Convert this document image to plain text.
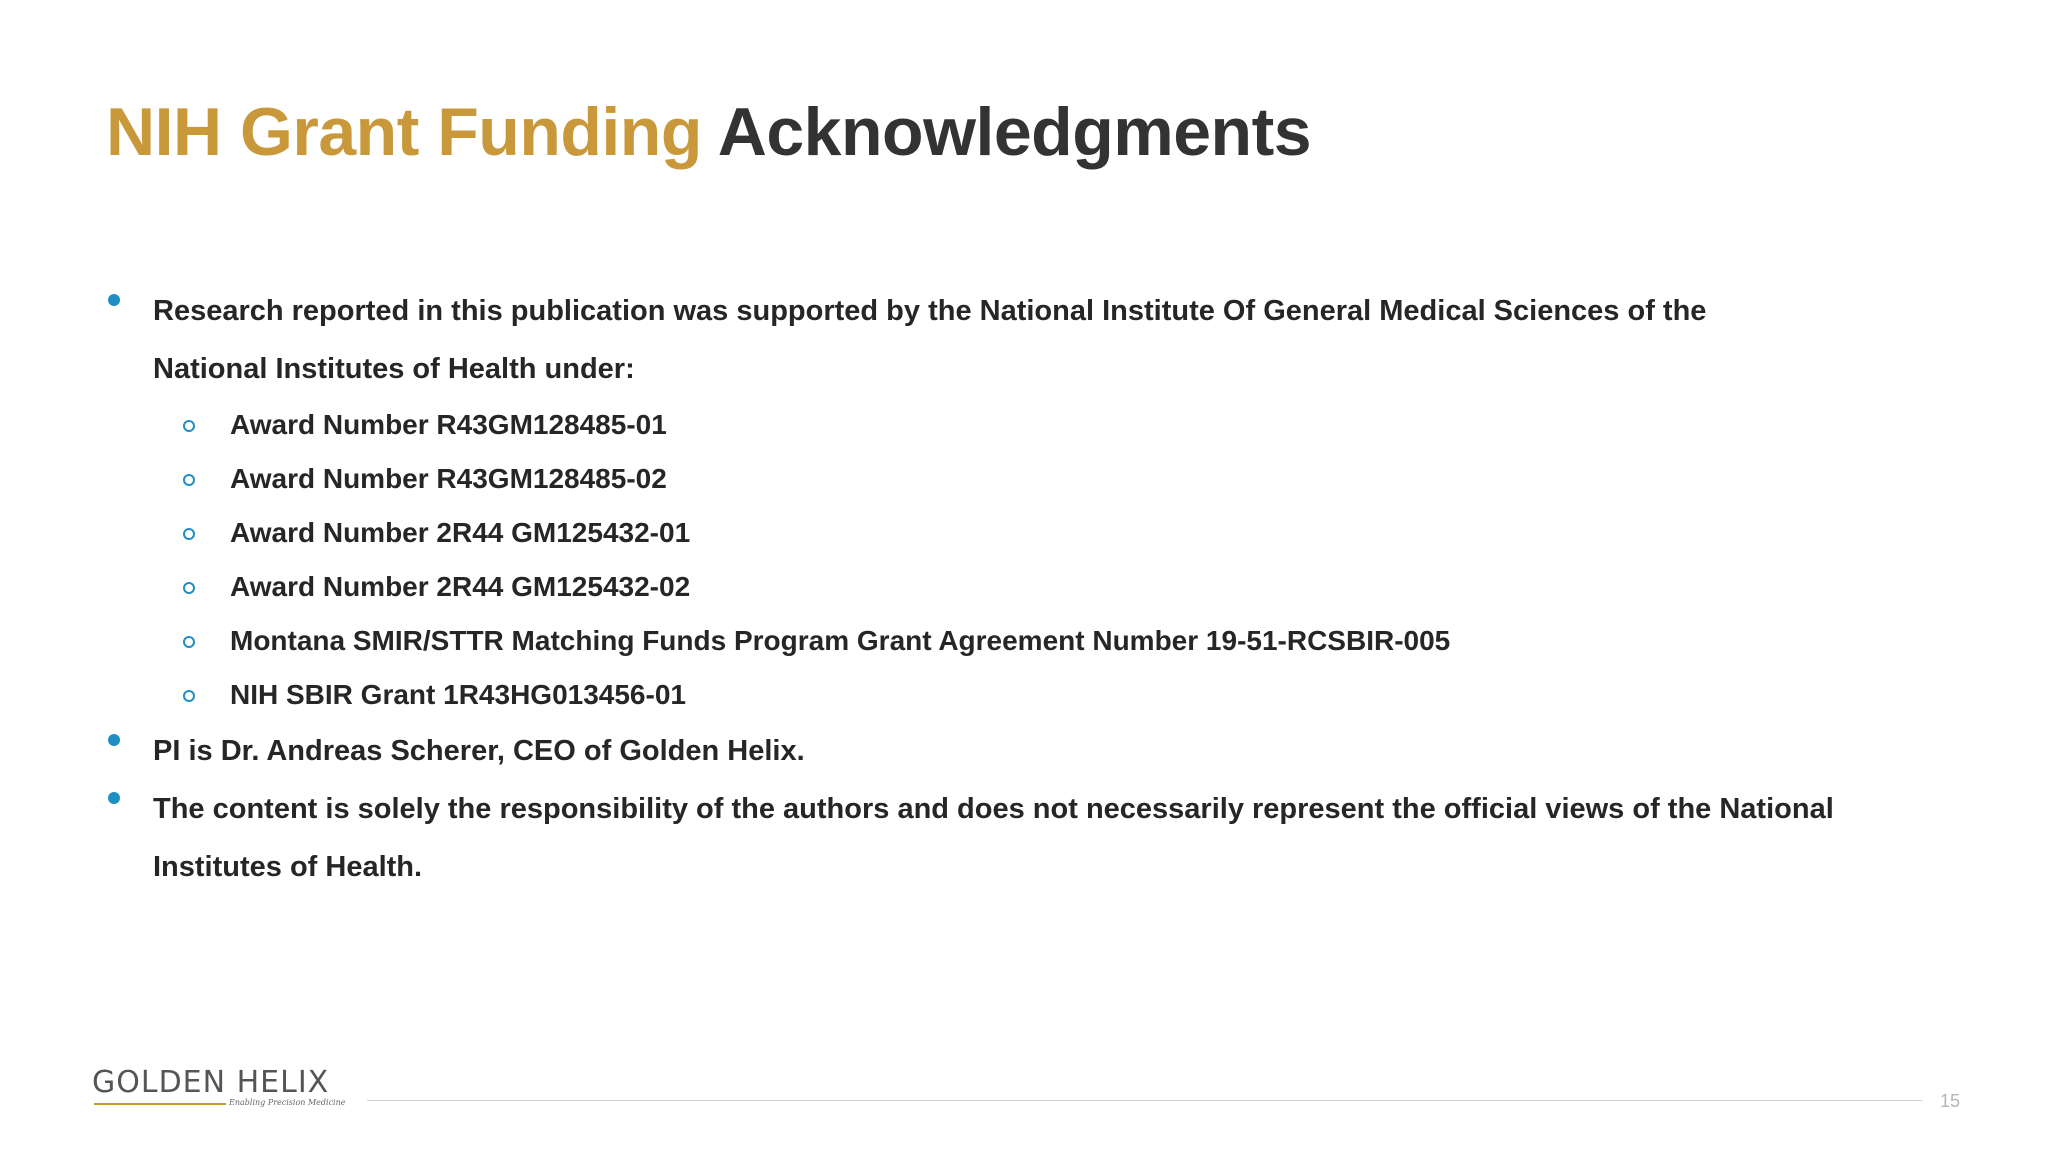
NIH Grant Funding Acknowledgments
Research reported in this publication was supported by the National Institute Of General Medical Sciences of the
National Institutes of Health under:
Award Number R43GM128485-01
Award Number R43GM128485-02
Award Number 2R44 GM125432-01
Award Number 2R44 GM125432-02
Montana SMIR/STTR Matching Funds Program Grant Agreement Number 19-51-RCSBIR-005
NIH SBIR Grant 1R43HG013456-01
PI is Dr. Andreas Scherer, CEO of Golden Helix.
The content is solely the responsibility of the authors and does not necessarily represent the official views of the National
Institutes of Health.
GOLDEN HELIX
Enabling Precision Medicine	15
